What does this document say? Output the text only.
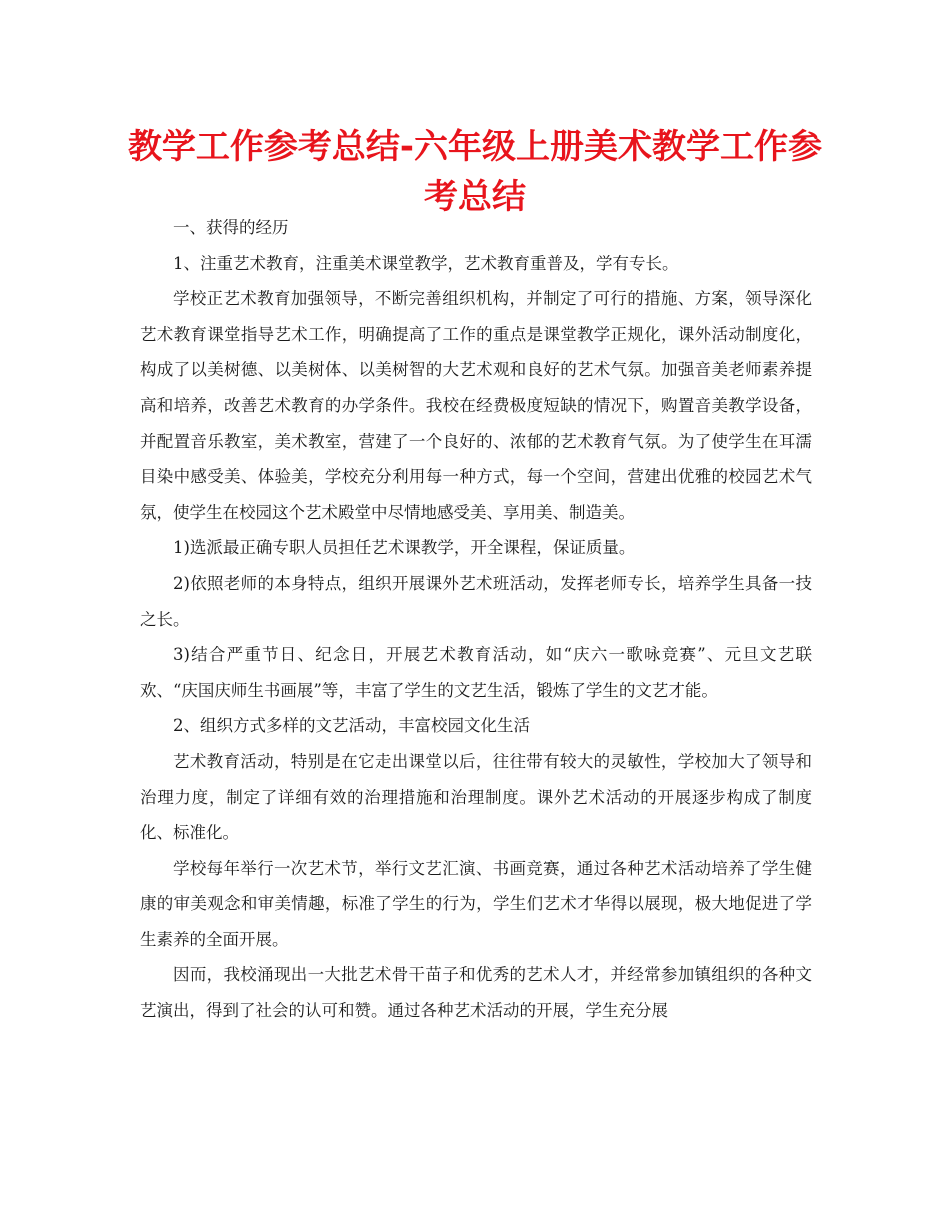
教学工作参考总结-六年级上册美术教学工作参考总结

一、获得的经历

1、注重艺术教育，注重美术课堂教学，艺术教育重普及，学有专长。

学校正艺术教育加强领导，不断完善组织机构，并制定了可行的措施、方案，领导深化艺术教育课堂指导艺术工作，明确提高了工作的重点是课堂教学正规化，课外活动制度化，构成了以美树德、以美树体、以美树智的大艺术观和良好的艺术气氛。加强音美老师素养提高和培养，改善艺术教育的办学条件。我校在经费极度短缺的情况下，购置音美教学设备，并配置音乐教室，美术教室，营建了一个良好的、浓郁的艺术教育气氛。为了使学生在耳濡目染中感受美、体验美，学校充分利用每一种方式，每一个空间，营建出优雅的校园艺术气氛，使学生在校园这个艺术殿堂中尽情地感受美、享用美、制造美。

1)选派最正确专职人员担任艺术课教学，开全课程，保证质量。

2)依照老师的本身特点，组织开展课外艺术班活动，发挥老师专长，培养学生具备一技之长。

3)结合严重节日、纪念日，开展艺术教育活动，如“庆六一歌咏竞赛”、元旦文艺联欢、“庆国庆师生书画展”等，丰富了学生的文艺生活，锻炼了学生的文艺才能。

2、组织方式多样的文艺活动，丰富校园文化生活

艺术教育活动，特别是在它走出课堂以后，往往带有较大的灵敏性，学校加大了领导和治理力度，制定了详细有效的治理措施和治理制度。课外艺术活动的开展逐步构成了制度化、标准化。

学校每年举行一次艺术节，举行文艺汇演、书画竞赛，通过各种艺术活动培养了学生健康的审美观念和审美情趣，标准了学生的行为，学生们艺术才华得以展现，极大地促进了学生素养的全面开展。

因而，我校涌现出一大批艺术骨干苗子和优秀的艺术人才，并经常参加镇组织的各种文艺演出，得到了社会的认可和赞。通过各种艺术活动的开展，学生充分展
